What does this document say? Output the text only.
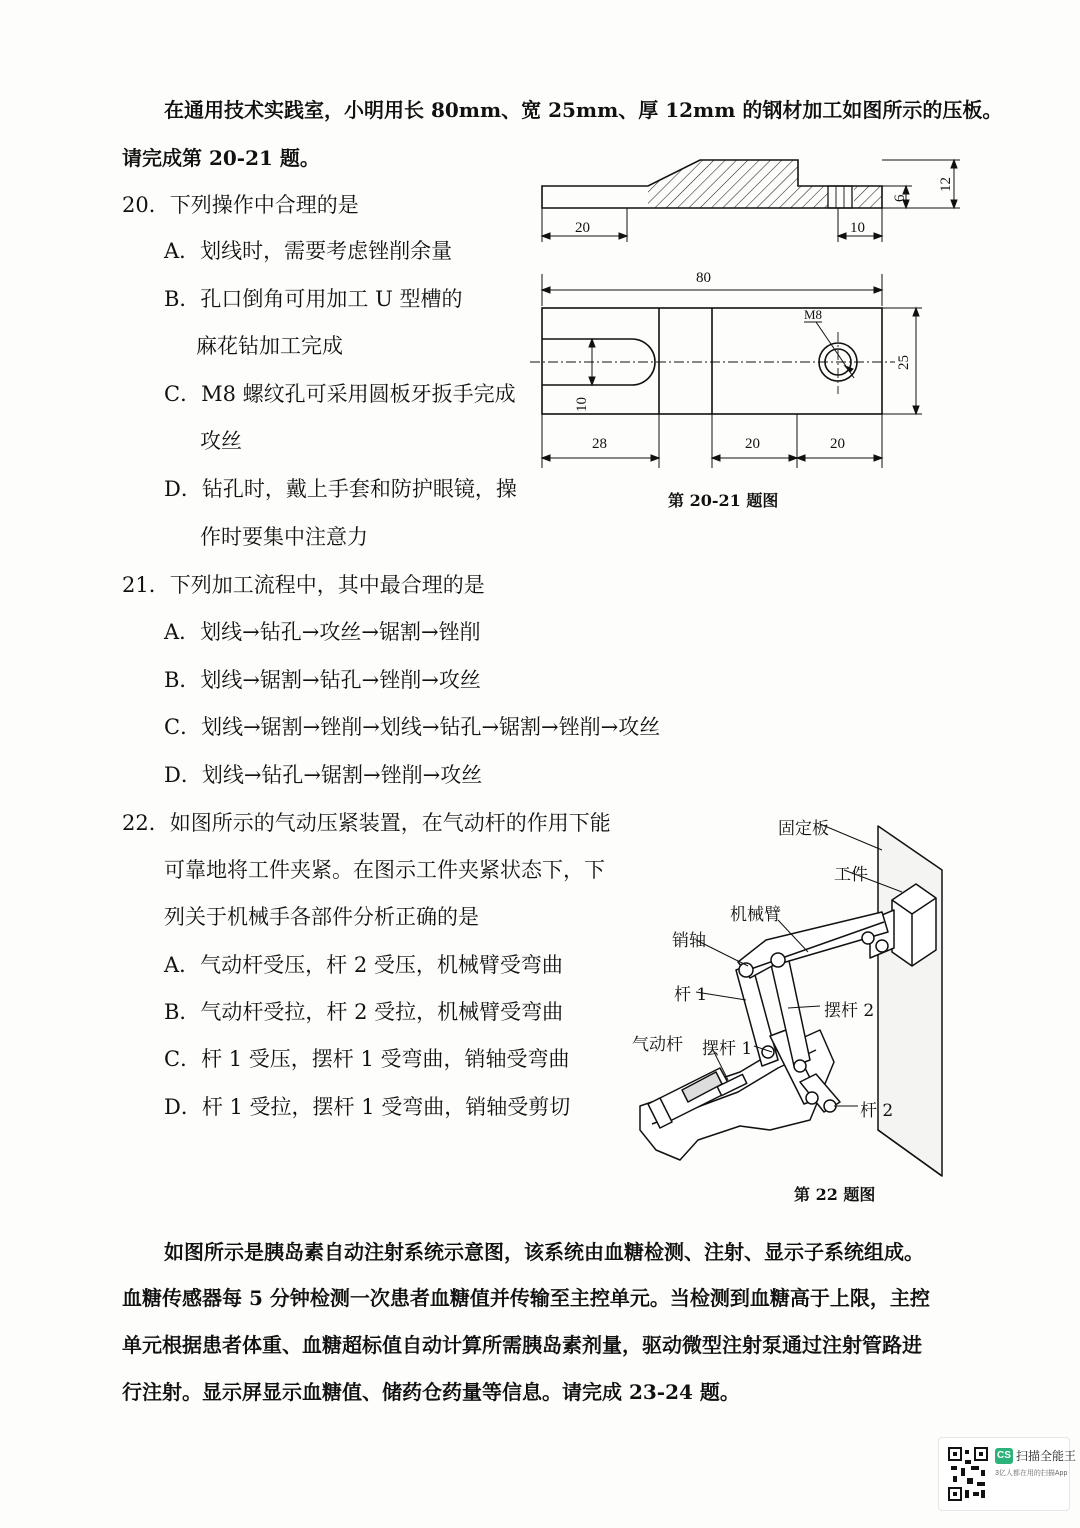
在通用技术实践室，小明用长 80mm、宽 25mm、厚 12mm 的钢材加工如图所示的压板。
请完成第 20-21 题。
20．下列操作中合理的是
A．划线时，需要考虑锉削余量
B．孔口倒角可用加工 U 型槽的
麻花钻加工完成
C．M8 螺纹孔可采用圆板牙扳手完成
攻丝
D．钻孔时，戴上手套和防护眼镜，操
作时要集中注意力
20	10
6
12
80
M8
25
10
28	20	20
第 20-21 题图
21．下列加工流程中，其中最合理的是
A．划线→钻孔→攻丝→锯割→锉削
B．划线→锯割→钻孔→锉削→攻丝
C．划线→锯割→锉削→划线→钻孔→锯割→锉削→攻丝
D．划线→钻孔→锯割→锉削→攻丝
22．如图所示的气动压紧装置，在气动杆的作用下能
可靠地将工件夹紧。在图示工件夹紧状态下，下
列关于机械手各部件分析正确的是
A．气动杆受压，杆 2 受压，机械臂受弯曲
B．气动杆受拉，杆 2 受拉，机械臂受弯曲
C．杆 1 受压，摆杆 1 受弯曲，销轴受弯曲
D．杆 1 受拉，摆杆 1 受弯曲，销轴受剪切
固定板
工件
机械臂
销轴
杆 1
摆杆 2
气动杆 摆杆 1
杆 2
第 22 题图
如图所示是胰岛素自动注射系统示意图，该系统由血糖检测、注射、显示子系统组成。
血糖传感器每 5 分钟检测一次患者血糖值并传输至主控单元。当检测到血糖高于上限，主控
单元根据患者体重、血糖超标值自动计算所需胰岛素剂量，驱动微型注射泵通过注射管路进
行注射。显示屏显示血糖值、储药仓药量等信息。请完成 23-24 题。
CS 扫描全能王
3亿人都在用的扫描App
